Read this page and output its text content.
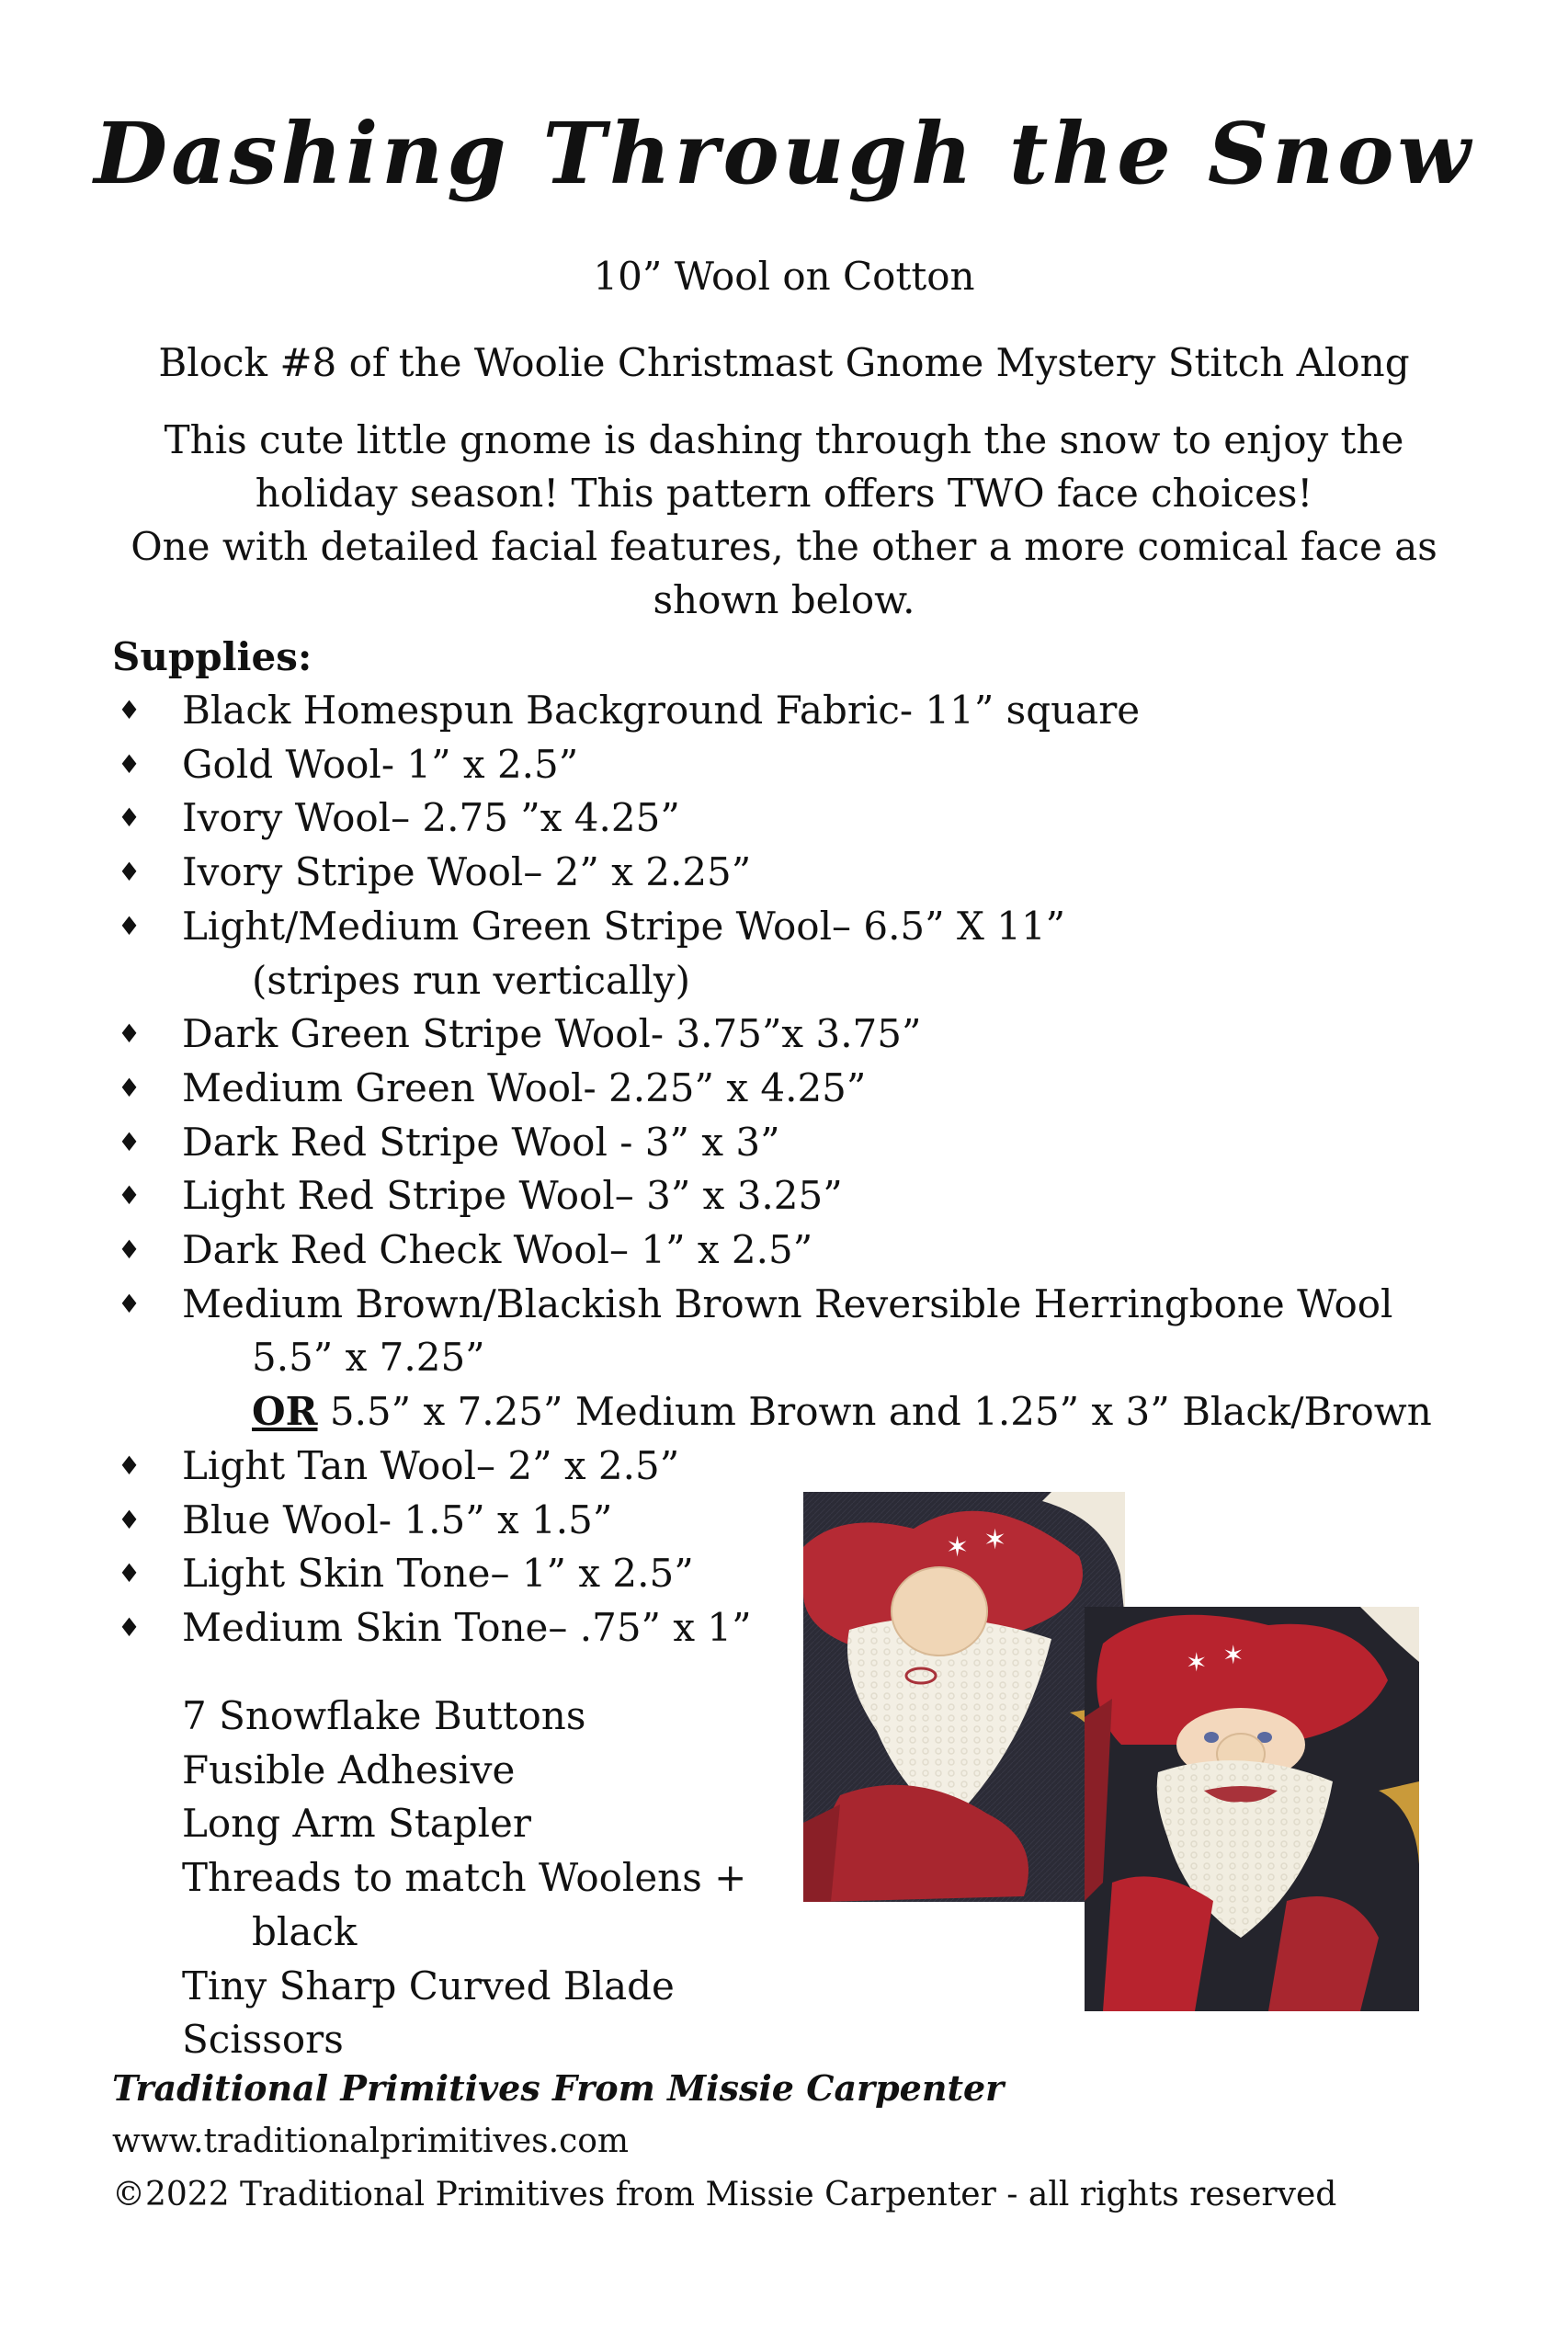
Dashing Through the Snow

10” Wool on Cotton

Block #8 of the Woolie Christmast Gnome Mystery Stitch Along

This cute little gnome is dashing through the snow to enjoy the
holiday season! This pattern offers TWO face choices!
One with detailed facial features, the other a more comical face as
shown below.

Supplies:

♦ Black Homespun Background Fabric- 11” square
♦ Gold Wool- 1” x 2.5”
♦ Ivory Wool– 2.75 ”x 4.25”
♦ Ivory Stripe Wool– 2” x 2.25”
♦ Light/Medium Green Stripe Wool– 6.5” X 11”
(stripes run vertically)
♦ Dark Green Stripe Wool- 3.75”x 3.75”
♦ Medium Green Wool- 2.25” x 4.25”
♦ Dark Red Stripe Wool - 3” x 3”
♦ Light Red Stripe Wool– 3” x 3.25”
♦ Dark Red Check Wool– 1” x 2.5”
♦ Medium Brown/Blackish Brown Reversible Herringbone Wool
5.5” x 7.25”
OR 5.5” x 7.25” Medium Brown and 1.25” x 3” Black/Brown
♦ Light Tan Wool– 2” x 2.5”
♦ Blue Wool- 1.5” x 1.5”
♦ Light Skin Tone– 1” x 2.5”
♦ Medium Skin Tone– .75” x 1”
7 Snowflake Buttons
Fusible Adhesive
Long Arm Stapler
Threads to match Woolens +
black
Tiny Sharp Curved Blade Scissors
✶ ✶
✶ ✶

Traditional Primitives From Missie Carpenter

www.traditionalprimitives.com

©2022 Traditional Primitives from Missie Carpenter - all rights reserved
